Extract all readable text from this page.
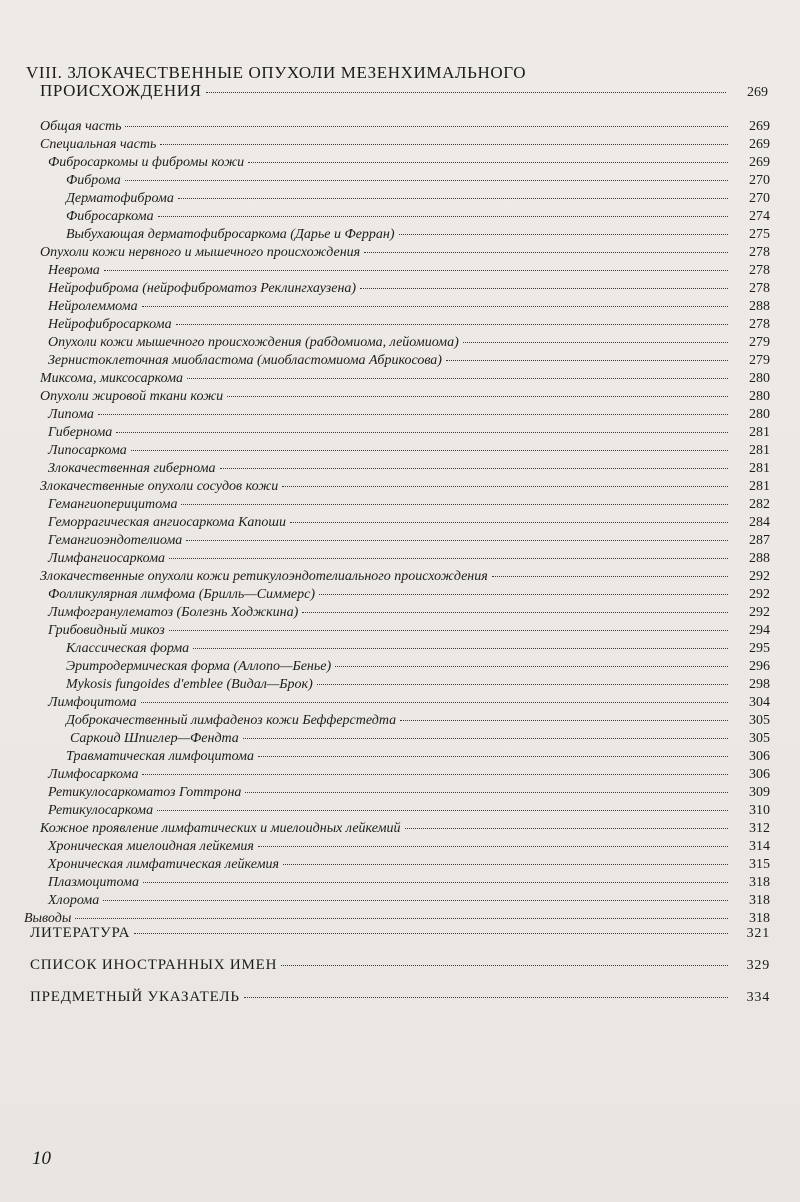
VIII. ЗЛОКАЧЕСТВЕННЫЕ ОПУХОЛИ МЕЗЕНХИМАЛЬНОГО
ПРОИСХОЖДЕНИЯ	269
Общая часть	269
Специальная часть	269
Фибросаркомы и фибромы кожи	269
Фиброма	270
Дерматофиброма	270
Фибросаркома	274
Выбухающая дерматофибросаркома (Дарье и Ферран)	275
Опухоли кожи нервного и мышечного происхождения	278
Неврома	278
Нейрофиброма (нейрофиброматоз Реклингхаузена)	278
Нейролеммома	288
Нейрофибросаркома	278
Опухоли кожи мышечного происхождения (рабдомиома, лейомиома)	279
Зернистоклеточная миобластома (миобластомиома Абрикосова)	279
Миксома, миксосаркома	280
Опухоли жировой ткани кожи	280
Липома	280
Гибернома	281
Липосаркома	281
Злокачественная гибернома	281
Злокачественные опухоли сосудов кожи	281
Гемангиоперицитома	282
Геморрагическая ангиосаркома Капоши	284
Гемангиоэндотелиома	287
Лимфангиосаркома	288
Злокачественные опухоли кожи ретикулоэндотелиального происхождения	292
Фолликулярная лимфома (Брилль—Симмерс)	292
Лимфогранулематоз (Болезнь Ходжкина)	292
Грибовидный микоз	294
Классическая форма	295
Эритродермическая форма (Аллопо—Бенье)	296
Mykosis fungoides d'emblee (Видал—Брок)	298
Лимфоцитома	304
Доброкачественный лимфаденоз кожи Бефферстедта	305
Саркоид Шпиглер—Фендта	305
Травматическая лимфоцитома	306
Лимфосаркома	306
Ретикулосаркоматоз Готтрона	309
Ретикулосаркома	310
Кожное проявление лимфатических и миелоидных лейкемий	312
Хроническая миелоидная лейкемия	314
Хроническая лимфатическая лейкемия	315
Плазмоцитома	318
Хлорома	318
Выводы	318
ЛИТЕРАТУРА	321
СПИСОК ИНОСТРАННЫХ ИМЕН	329
ПРЕДМЕТНЫЙ УКАЗАТЕЛЬ	334
10
